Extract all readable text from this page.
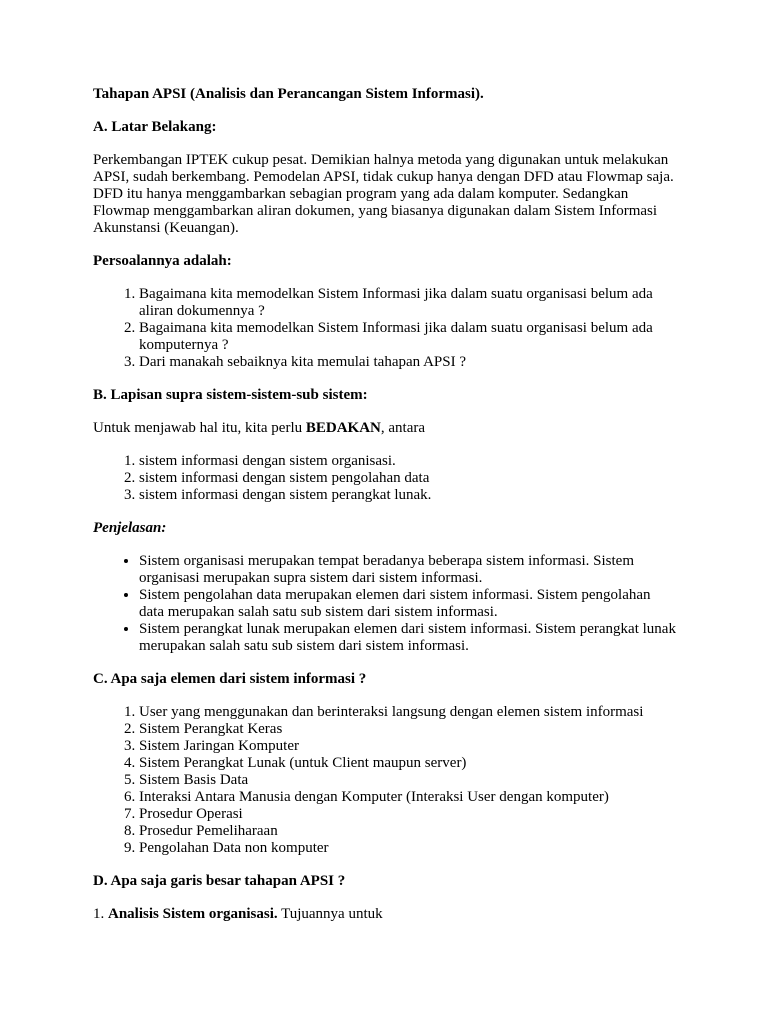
Tahapan APSI (Analisis dan Perancangan Sistem Informasi).

A. Latar Belakang:

Perkembangan IPTEK cukup pesat. Demikian halnya metoda yang digunakan untuk melakukan APSI, sudah berkembang. Pemodelan APSI, tidak cukup hanya dengan DFD atau Flowmap saja. DFD itu hanya menggambarkan sebagian program yang ada dalam komputer. Sedangkan Flowmap menggambarkan aliran dokumen, yang biasanya digunakan dalam Sistem Informasi Akunstansi (Keuangan).

Persoalannya adalah:

1. Bagaimana kita memodelkan Sistem Informasi jika dalam suatu organisasi belum ada aliran dokumennya ?
2. Bagaimana kita memodelkan Sistem Informasi jika dalam suatu organisasi belum ada komputernya ?
3. Dari manakah sebaiknya kita memulai tahapan APSI ?

B. Lapisan supra sistem-sistem-sub sistem:

Untuk menjawab hal itu, kita perlu BEDAKAN, antara

1. sistem informasi dengan sistem organisasi.
2. sistem informasi dengan sistem pengolahan data
3. sistem informasi dengan sistem perangkat lunak.

Penjelasan:

• Sistem organisasi merupakan tempat beradanya beberapa sistem informasi. Sistem organisasi merupakan supra sistem dari sistem informasi.
• Sistem pengolahan data merupakan elemen dari sistem informasi. Sistem pengolahan data merupakan salah satu sub sistem dari sistem informasi.
• Sistem perangkat lunak merupakan elemen dari sistem informasi. Sistem perangkat lunak merupakan salah satu sub sistem dari sistem informasi.

C. Apa saja elemen dari sistem informasi ?

1. User yang menggunakan dan berinteraksi langsung dengan elemen sistem informasi
2. Sistem Perangkat Keras
3. Sistem Jaringan Komputer
4. Sistem Perangkat Lunak (untuk Client maupun server)
5. Sistem Basis Data
6. Interaksi Antara Manusia dengan Komputer (Interaksi User dengan komputer)
7. Prosedur Operasi
8. Prosedur Pemeliharaan
9. Pengolahan Data non komputer

D. Apa saja garis besar tahapan APSI ?

1. Analisis Sistem organisasi. Tujuannya untuk
